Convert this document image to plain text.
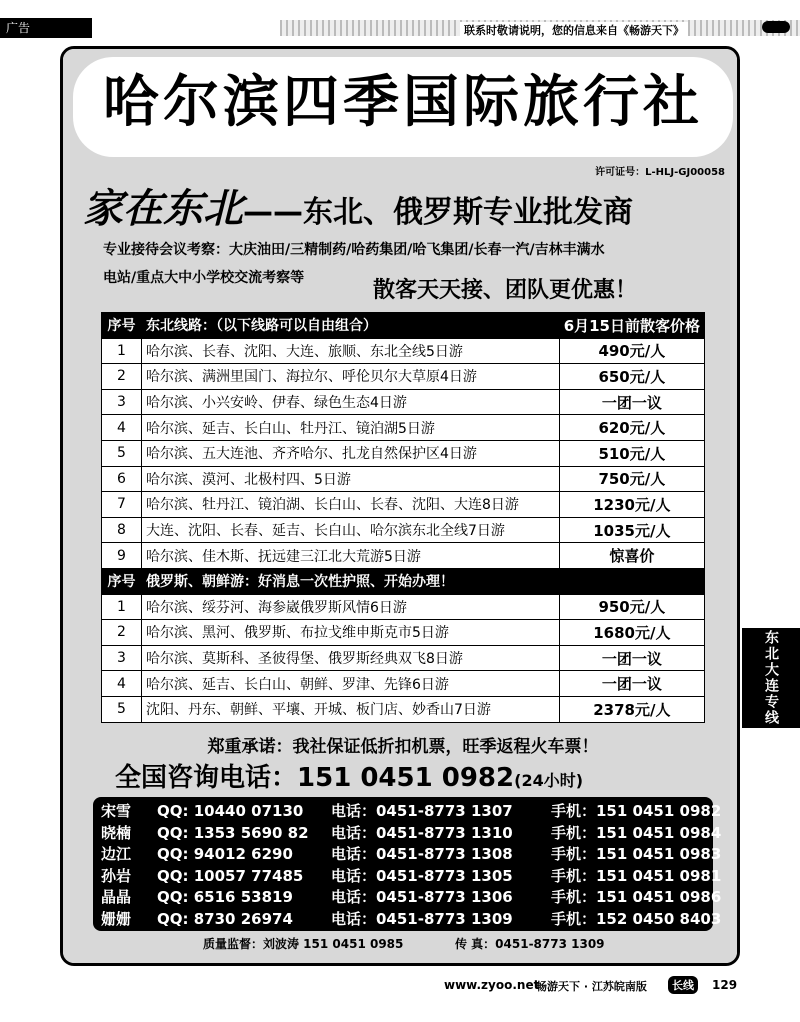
广告	联系时敬请说明，您的信息来自《畅游天下》
哈尔滨四季国际旅行社
许可证号：L-HLJ-GJ00058
家在东北——东北、俄罗斯专业批发商
专业接待会议考察：大庆油田/三精制药/哈药集团/哈飞集团/长春一汽/吉林丰满水
电站/重点大中小学校交流考察等	散客天天接、团队更优惠！
序号	东北线路：（以下线路可以自由组合）	6月15日前散客价格
1	哈尔滨、长春、沈阳、大连、旅顺、东北全线5日游	490元/人
2	哈尔滨、满洲里国门、海拉尔、呼伦贝尔大草原4日游	650元/人
3	哈尔滨、小兴安岭、伊春、绿色生态4日游	一团一议
4	哈尔滨、延吉、长白山、牡丹江、镜泊湖5日游	620元/人
5	哈尔滨、五大连池、齐齐哈尔、扎龙自然保护区4日游	510元/人
6	哈尔滨、漠河、北极村四、5日游	750元/人
7	哈尔滨、牡丹江、镜泊湖、长白山、长春、沈阳、大连8日游	1230元/人
8	大连、沈阳、长春、延吉、长白山、哈尔滨东北全线7日游	1035元/人
9	哈尔滨、佳木斯、抚远建三江北大荒游5日游	惊喜价
序号	俄罗斯、朝鲜游：好消息一次性护照、开始办理！	
1	哈尔滨、绥芬河、海参崴俄罗斯风情6日游	950元/人
2	哈尔滨、黑河、俄罗斯、布拉戈维申斯克市5日游	1680元/人
3	哈尔滨、莫斯科、圣彼得堡、俄罗斯经典双飞8日游	一团一议
4	哈尔滨、延吉、长白山、朝鲜、罗津、先锋6日游	一团一议
5	沈阳、丹东、朝鲜、平壤、开城、板门店、妙香山7日游	2378元/人
郑重承诺：我社保证低折扣机票，旺季返程火车票！
全国咨询电话：151 0451 0982(24小时)
宋雪 QQ: 10440 07130 电话：0451-8773 1307	手机：151 0451 0982
晓楠 QQ: 1353 5690 82 电话：0451-8773 1310	手机：151 0451 0984
边江 QQ: 94012 6290	电话：0451-8773 1308	手机：151 0451 0983
孙岩 QQ: 10057 77485 电话：0451-8773 1305	手机：151 0451 0981
晶晶 QQ: 6516 53819	电话：0451-8773 1306	手机：151 0451 0986
姗姗 QQ: 8730 26974	电话：0451-8773 1309	手机：152 0450 8403
质量监督：刘波涛 151 0451 0985	传 真：0451-8773 1309
东北大连专线
www.zyoo.net
畅游天下 · 江苏皖南版	长线	129
